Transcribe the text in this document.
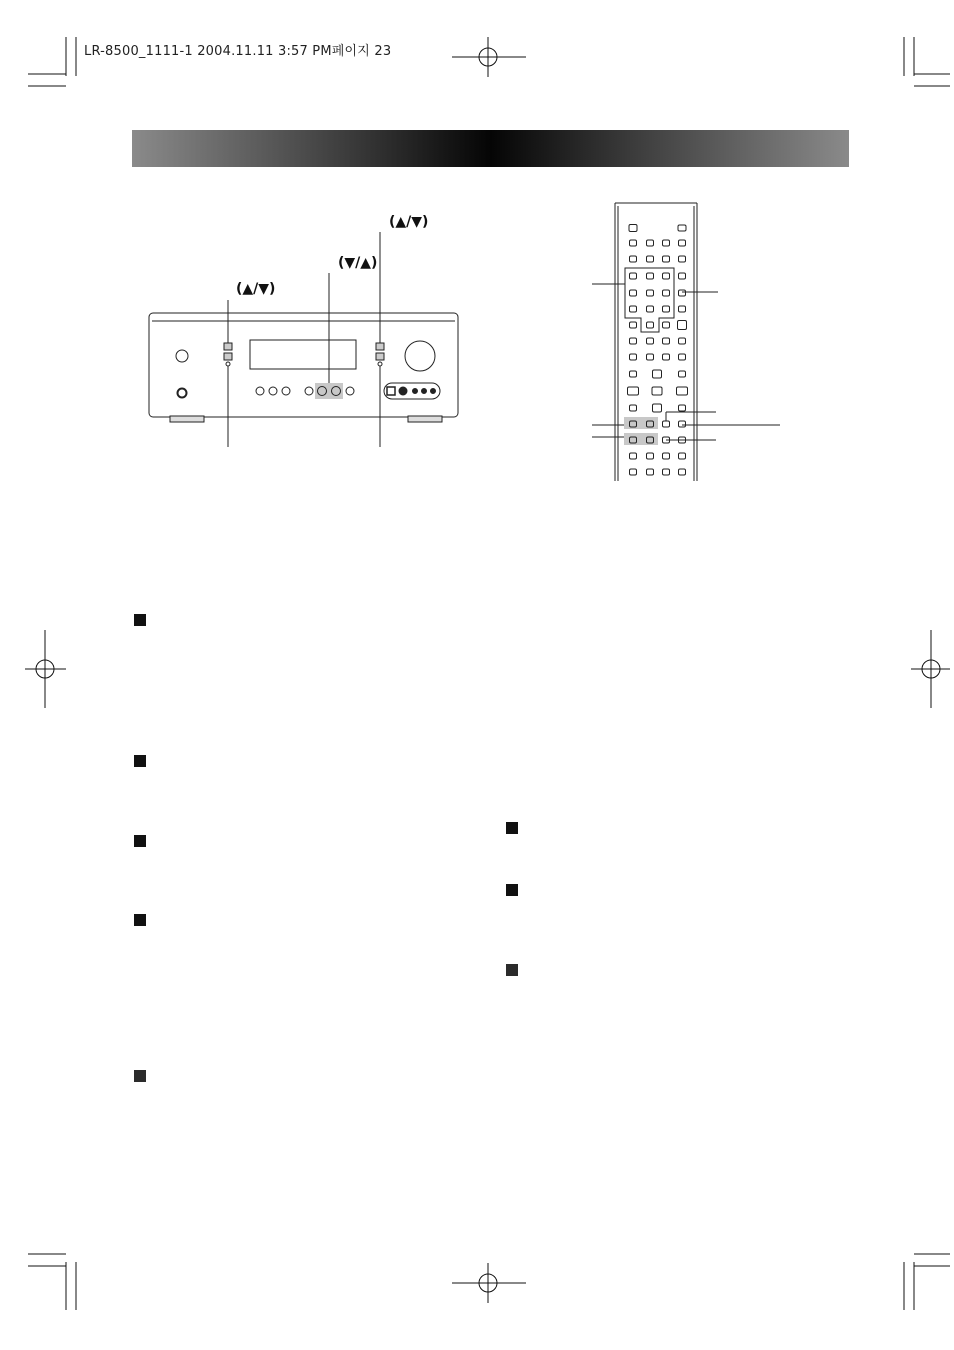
LR-8500_1111-1 2004.11.11 3:57 PM페이지 23
(▲/▼)
(▼/▲)
(▲/▼)
